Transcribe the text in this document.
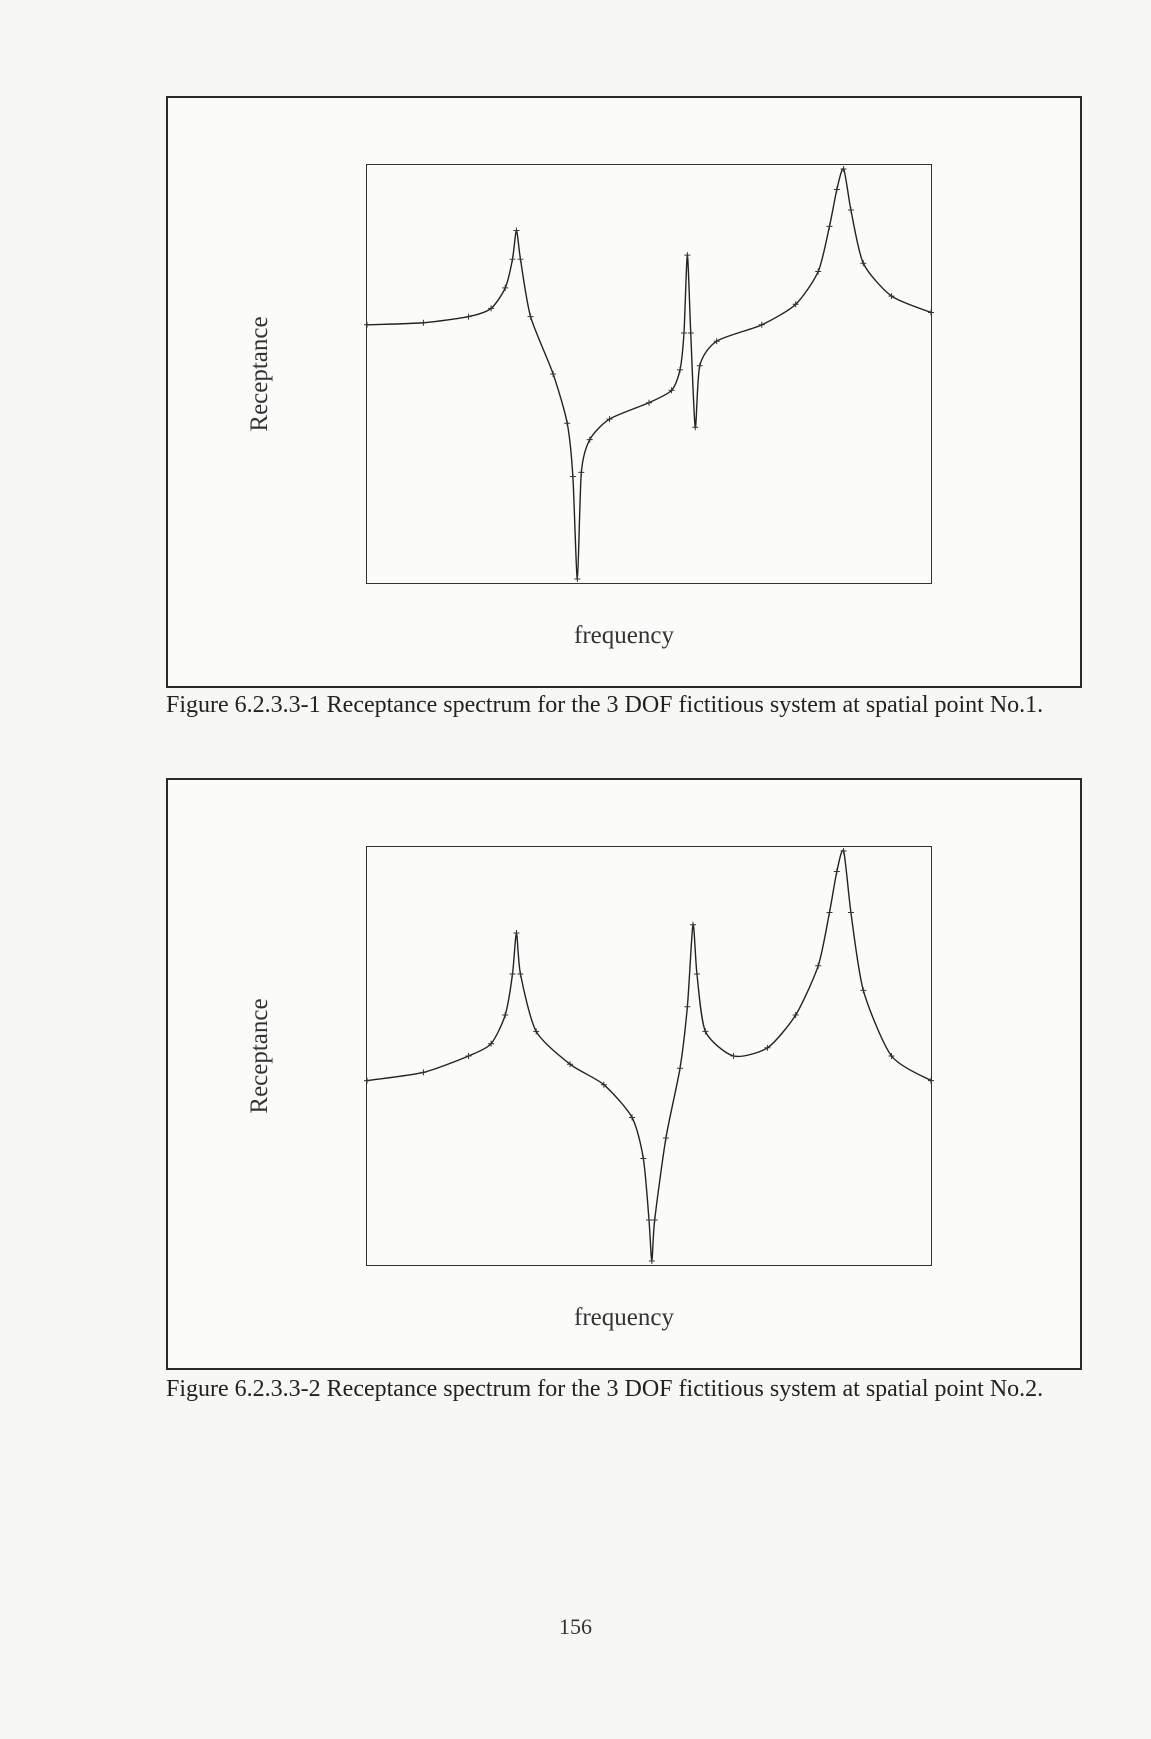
Receptance
frequency
Figure 6.2.3.3-1 Receptance spectrum for the 3 DOF fictitious system at spatial point No.1.
Receptance
frequency
Figure 6.2.3.3-2 Receptance spectrum for the 3 DOF fictitious system at spatial point No.2.
156
